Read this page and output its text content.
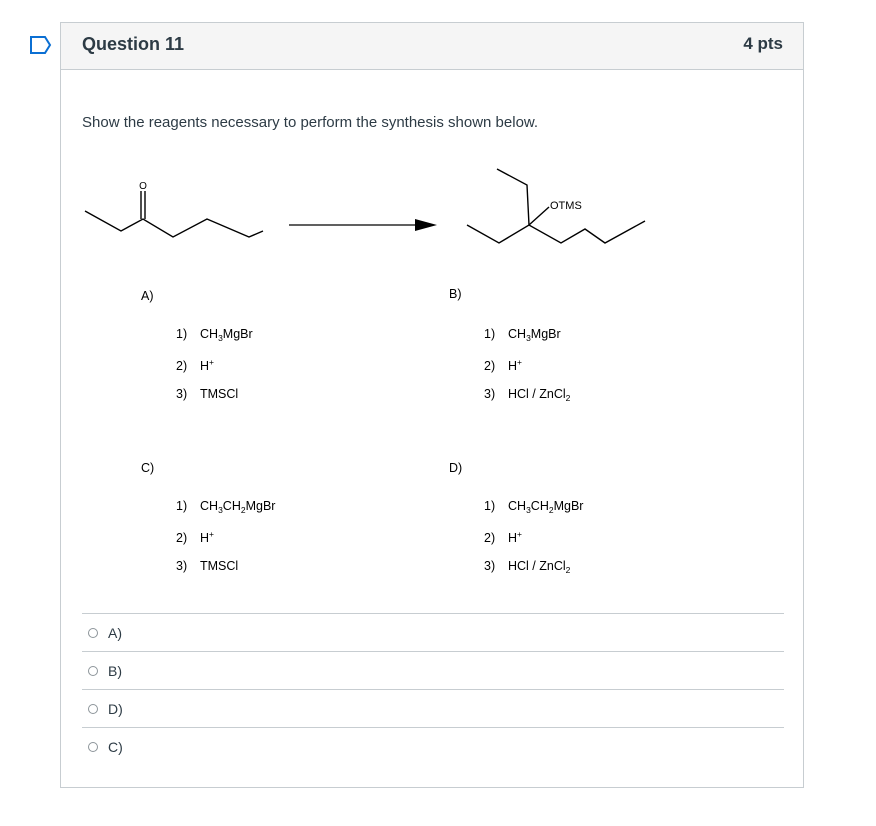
Question 11	4 pts
Show the reagents necessary to perform the synthesis shown below.
O
OTMS
A)	B)
C)	D)
1) $CH_3MgBr$
2) H+
3) TMSCl
1) $CH_3MgBr$
2) H+
3) HCl / ZnCl$_2$
1) $CH_3CH_2MgBr$
2) H+
3) TMSCl
1) $CH_3CH_2MgBr$
2) H+
3) HCl / ZnCl$_2$
A)
B)
D)
C)
